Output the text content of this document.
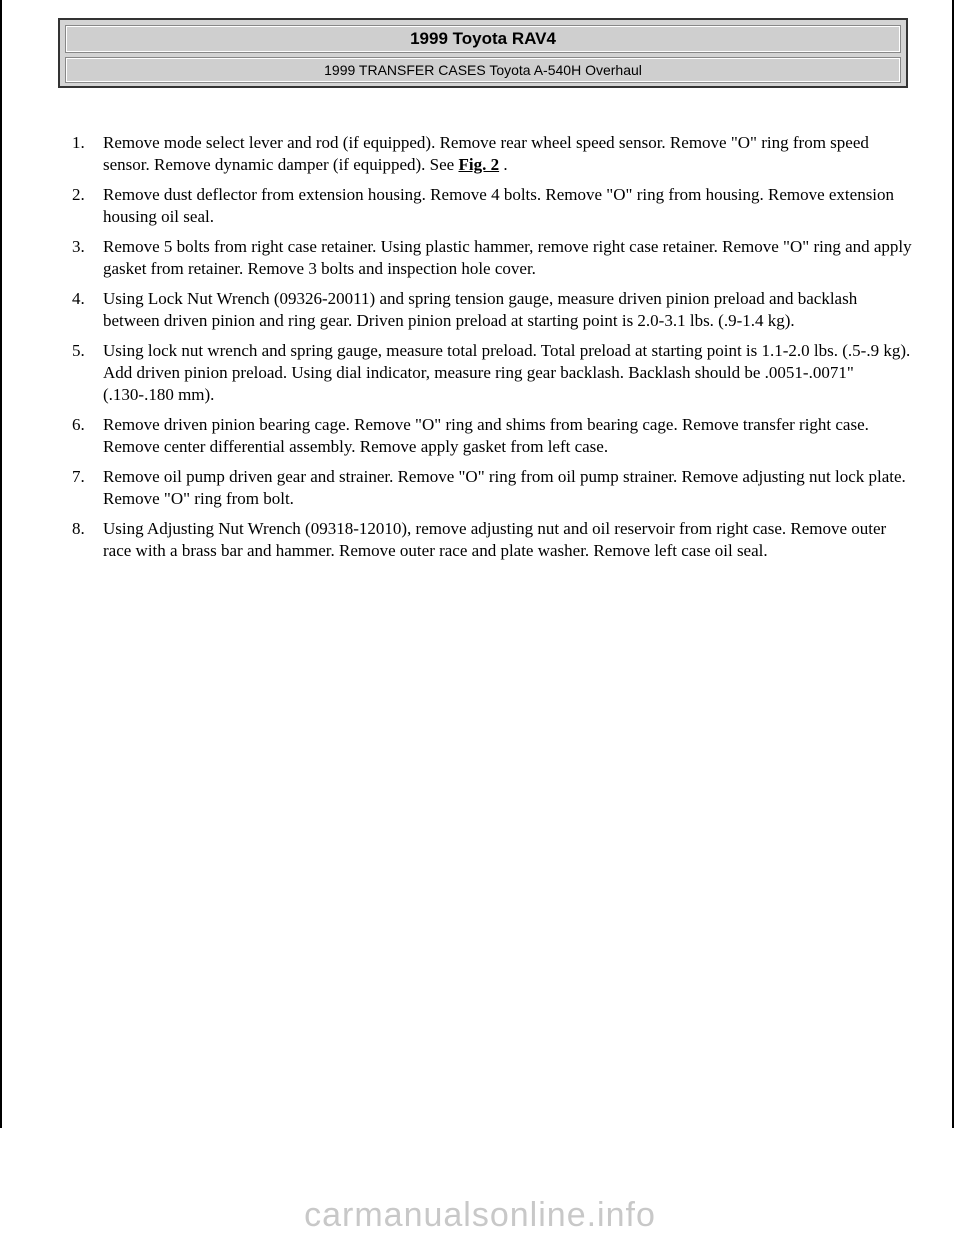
1999 Toyota RAV4
1999 TRANSFER CASES Toyota A-540H Overhaul
1. Remove mode select lever and rod (if equipped). Remove rear wheel speed sensor. Remove "O" ring from speed sensor. Remove dynamic damper (if equipped). See Fig. 2 .
2. Remove dust deflector from extension housing. Remove 4 bolts. Remove "O" ring from housing. Remove extension housing oil seal.
3. Remove 5 bolts from right case retainer. Using plastic hammer, remove right case retainer. Remove "O" ring and apply gasket from retainer. Remove 3 bolts and inspection hole cover.
4. Using Lock Nut Wrench (09326-20011) and spring tension gauge, measure driven pinion preload and backlash between driven pinion and ring gear. Driven pinion preload at starting point is 2.0-3.1 lbs. (.9-1.4 kg).
5. Using lock nut wrench and spring gauge, measure total preload. Total preload at starting point is 1.1-2.0 lbs. (.5-.9 kg). Add driven pinion preload. Using dial indicator, measure ring gear backlash. Backlash should be .0051-.0071" (.130-.180 mm).
6. Remove driven pinion bearing cage. Remove "O" ring and shims from bearing cage. Remove transfer right case. Remove center differential assembly. Remove apply gasket from left case.
7. Remove oil pump driven gear and strainer. Remove "O" ring from oil pump strainer. Remove adjusting nut lock plate. Remove "O" ring from bolt.
8. Using Adjusting Nut Wrench (09318-12010), remove adjusting nut and oil reservoir from right case. Remove outer race with a brass bar and hammer. Remove outer race and plate washer. Remove left case oil seal.
carmanualsonline.info
